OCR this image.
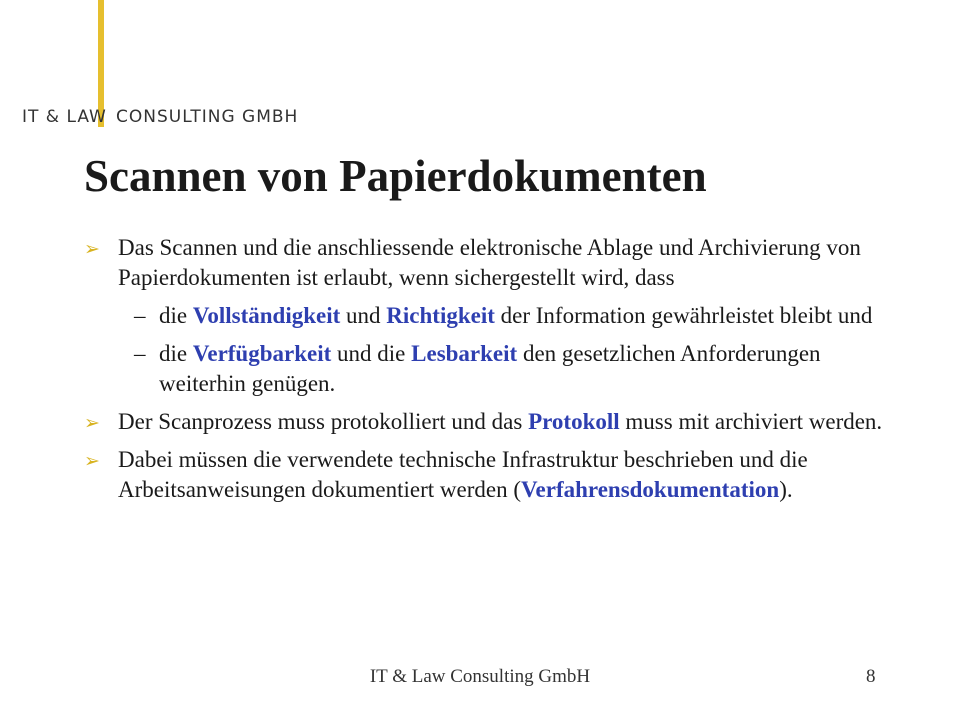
IT & LAW CONSULTING GMBH
Scannen von Papierdokumenten
➢ Das Scannen und die anschliessende elektronische Ablage und Archivierung von Papierdokumenten ist erlaubt, wenn sichergestellt wird, dass
– die Vollständigkeit und Richtigkeit der Information gewährleistet bleibt und
– die Verfügbarkeit und die Lesbarkeit den gesetzlichen Anforderungen weiterhin genügen.
➢ Der Scanprozess muss protokolliert und das Protokoll muss mit archiviert werden.
➢ Dabei müssen die verwendete technische Infrastruktur beschrieben und die Arbeitsanweisungen dokumentiert werden (Verfahrensdokumentation).
IT & Law Consulting GmbH	8
